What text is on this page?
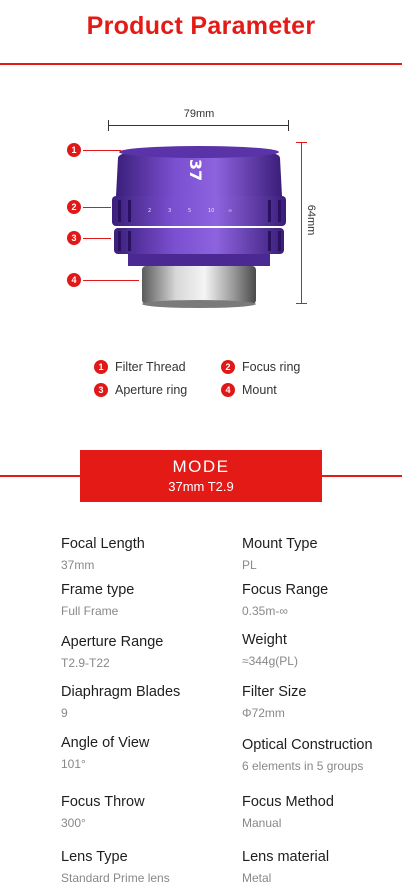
Product Parameter
79mm
64mm
2	3	5	10	∞
37
1
2
3
4
1 Filter Thread	2 Focus ring
3 Aperture ring	4 Mount
MODE
37mm T2.9
Focal Length
37mm
Mount Type
PL
Frame type
Full Frame
Focus Range
0.35m-∞
Aperture Range
T2.9-T22
Weight
≈344g(PL)
Diaphragm Blades
9
Filter Size
Φ72mm
Angle of View
101°
Optical Construction
6 elements in 5 groups
Focus Throw
300°
Focus Method
Manual
Lens Type
Standard Prime lens
Lens material
Metal
